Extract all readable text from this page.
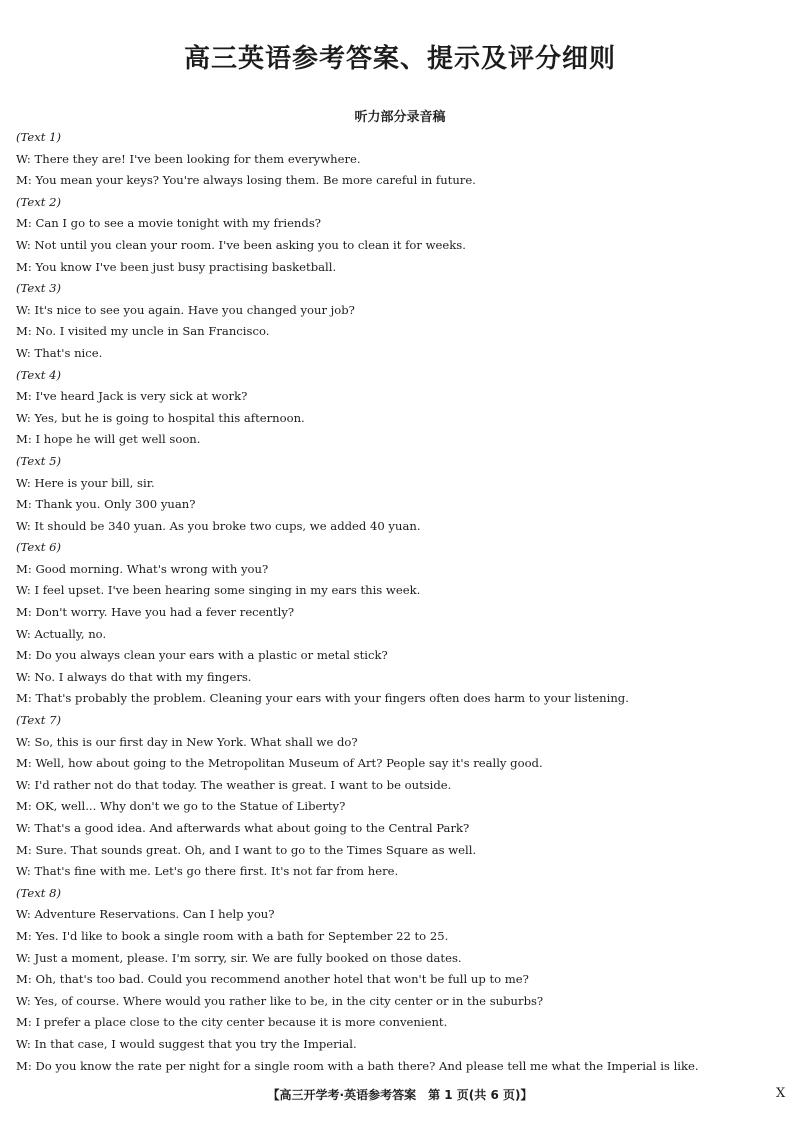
高三英语参考答案、提示及评分细则
听力部分录音稿
(Text 1)
W: There they are! I've been looking for them everywhere.
M: You mean your keys? You're always losing them. Be more careful in future.
(Text 2)
M: Can I go to see a movie tonight with my friends?
W: Not until you clean your room. I've been asking you to clean it for weeks.
M: You know I've been just busy practising basketball.
(Text 3)
W: It's nice to see you again. Have you changed your job?
M: No. I visited my uncle in San Francisco.
W: That's nice.
(Text 4)
M: I've heard Jack is very sick at work?
W: Yes, but he is going to hospital this afternoon.
M: I hope he will get well soon.
(Text 5)
W: Here is your bill, sir.
M: Thank you. Only 300 yuan?
W: It should be 340 yuan. As you broke two cups, we added 40 yuan.
(Text 6)
M: Good morning. What's wrong with you?
W: I feel upset. I've been hearing some singing in my ears this week.
M: Don't worry. Have you had a fever recently?
W: Actually, no.
M: Do you always clean your ears with a plastic or metal stick?
W: No. I always do that with my fingers.
M: That's probably the problem. Cleaning your ears with your fingers often does harm to your listening.
(Text 7)
W: So, this is our first day in New York. What shall we do?
M: Well, how about going to the Metropolitan Museum of Art? People say it's really good.
W: I'd rather not do that today. The weather is great. I want to be outside.
M: OK, well... Why don't we go to the Statue of Liberty?
W: That's a good idea. And afterwards what about going to the Central Park?
M: Sure. That sounds great. Oh, and I want to go to the Times Square as well.
W: That's fine with me. Let's go there first. It's not far from here.
(Text 8)
W: Adventure Reservations. Can I help you?
M: Yes. I'd like to book a single room with a bath for September 22 to 25.
W: Just a moment, please. I'm sorry, sir. We are fully booked on those dates.
M: Oh, that's too bad. Could you recommend another hotel that won't be full up to me?
W: Yes, of course. Where would you rather like to be, in the city center or in the suburbs?
M: I prefer a place close to the city center because it is more convenient.
W: In that case, I would suggest that you try the Imperial.
M: Do you know the rate per night for a single room with a bath there? And please tell me what the Imperial is like.
【高三开学考·英语参考答案　第 1 页(共 6 页)】	X
